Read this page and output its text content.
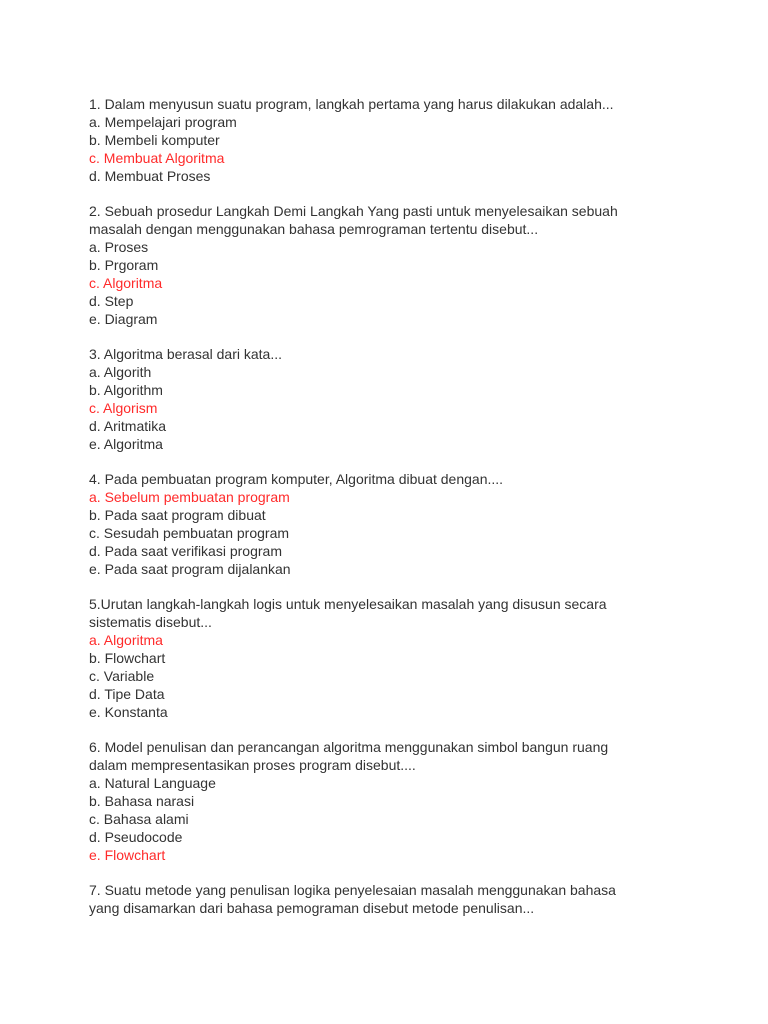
1. Dalam menyusun suatu program, langkah pertama yang harus dilakukan adalah...
a. Mempelajari program
b. Membeli komputer
c. Membuat Algoritma
d. Membuat Proses
2. Sebuah prosedur Langkah Demi Langkah Yang pasti untuk menyelesaikan sebuah
masalah dengan menggunakan bahasa pemrograman tertentu disebut...
a. Proses
b. Prgoram
c. Algoritma
d. Step
e. Diagram
3. Algoritma berasal dari kata...
a. Algorith
b. Algorithm
c. Algorism
d. Aritmatika
e. Algoritma
4. Pada pembuatan program komputer, Algoritma dibuat dengan....
a. Sebelum pembuatan program
b. Pada saat program dibuat
c. Sesudah pembuatan program
d. Pada saat verifikasi program
e. Pada saat program dijalankan
5.Urutan langkah-langkah logis untuk menyelesaikan masalah yang disusun secara
sistematis disebut...
a. Algoritma
b. Flowchart
c. Variable
d. Tipe Data
e. Konstanta
6. Model penulisan dan perancangan algoritma menggunakan simbol bangun ruang
dalam mempresentasikan proses program disebut....
a. Natural Language
b. Bahasa narasi
c. Bahasa alami
d. Pseudocode
e. Flowchart
7. Suatu metode yang penulisan logika penyelesaian masalah menggunakan bahasa
yang disamarkan dari bahasa pemograman disebut metode penulisan...
